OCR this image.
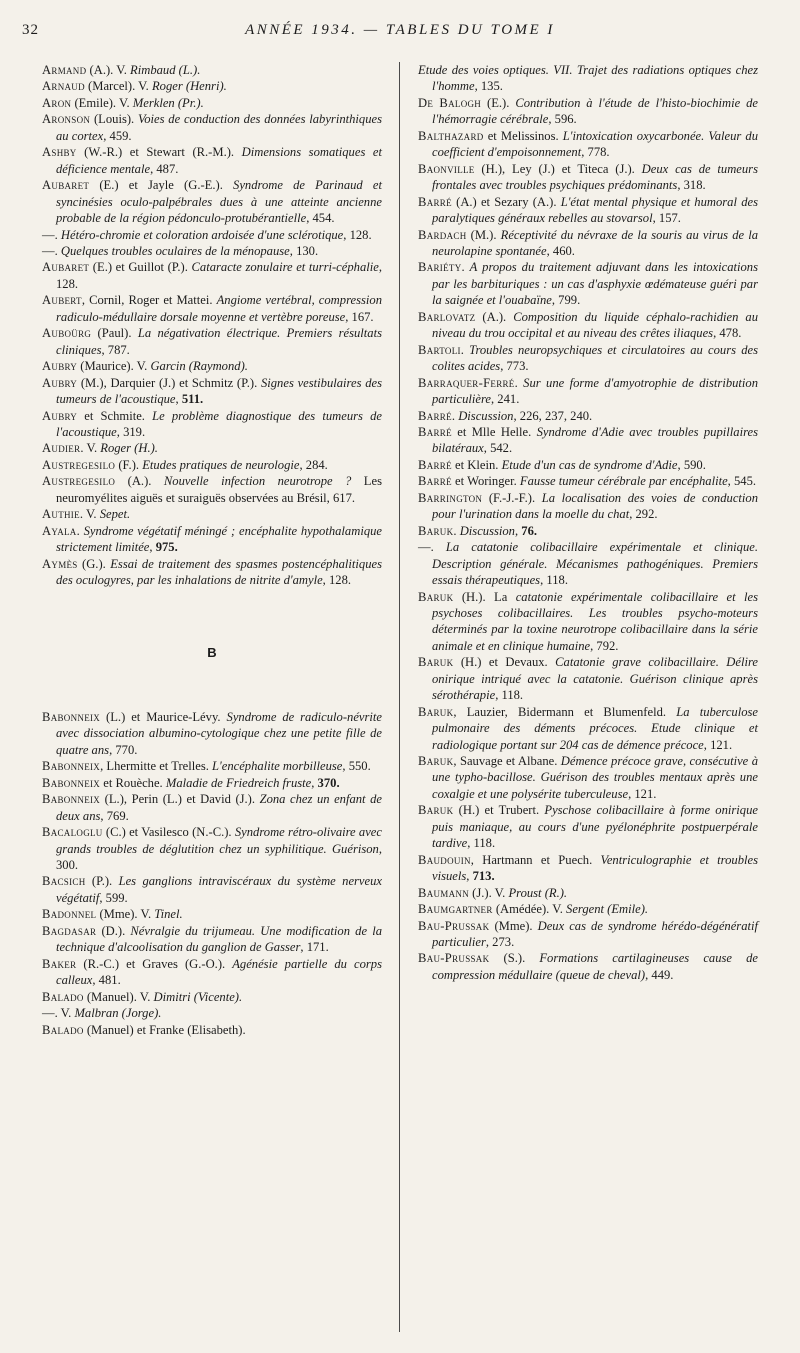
32	ANNÉE 1934. — TABLES DU TOME I

Armand (A.). V. Rimbaud (L.).

Arnaud (Marcel). V. Roger (Henri).

Aron (Emile). V. Merklen (Pr.).

Aronson (Louis). Voies de conduction des données labyrinthiques au cortex, 459.

Ashby (W.-R.) et Stewart (R.-M.). Dimensions somatiques et déficience mentale, 487.

Aubaret (E.) et Jayle (G.-E.). Syndrome de Parinaud et syncinésies oculo-palpébrales dues à une atteinte ancienne probable de la région pédonculo-protubérantielle, 454.

—. Hétéro-chromie et coloration ardoisée d'une sclérotique, 128.

—. Quelques troubles oculaires de la ménopause, 130.

Aubaret (E.) et Guillot (P.). Cataracte zonulaire et turri-céphalie, 128.

Aubert, Cornil, Roger et Mattei. Angiome vertébral, compression radiculo-médullaire dorsale moyenne et vertèbre poreuse, 167.

Auboürg (Paul). La négativation électrique. Premiers résultats cliniques, 787.

Aubry (Maurice). V. Garcin (Raymond).

Aubry (M.), Darquier (J.) et Schmitz (P.). Signes vestibulaires des tumeurs de l'acoustique, 511.

Aubry et Schmite. Le problème diagnostique des tumeurs de l'acoustique, 319.

Audier. V. Roger (H.).

Austregesilo (F.). Etudes pratiques de neurologie, 284.

Austregesilo (A.). Nouvelle infection neurotrope ? Les neuromyélites aiguës et suraiguës observées au Brésil, 617.

Authie. V. Sepet.

Ayala. Syndrome végétatif méningé ; encéphalite hypothalamique strictement limitée, 975.

Aymès (G.). Essai de traitement des spasmes postencéphalitiques des oculogyres, par les inhalations de nitrite d'amyle, 128.

B

Babonneix (L.) et Maurice-Lévy. Syndrome de radiculo-névrite avec dissociation albumino-cytologique chez une petite fille de quatre ans, 770.

Babonneix, Lhermitte et Trelles. L'encéphalite morbilleuse, 550.

Babonneix et Rouèche. Maladie de Friedreich fruste, 370.

Babonneix (L.), Perin (L.) et David (J.). Zona chez un enfant de deux ans, 769.

Bacaloglu (C.) et Vasilesco (N.-C.). Syndrome rétro-olivaire avec grands troubles de déglutition chez un syphilitique. Guérison, 300.

Bacsich (P.). Les ganglions intraviscéraux du système nerveux végétatif, 599.

Badonnel (Mme). V. Tinel.

Bagdasar (D.). Névralgie du trijumeau. Une modification de la technique d'alcoolisation du ganglion de Gasser, 171.

Baker (R.-C.) et Graves (G.-O.). Agénésie partielle du corps calleux, 481.

Balado (Manuel). V. Dimitri (Vicente).

—. V. Malbran (Jorge).

Balado (Manuel) et Franke (Elisabeth).

Etude des voies optiques. VII. Trajet des radiations optiques chez l'homme, 135.

De Balogh (E.). Contribution à l'étude de l'histo-biochimie de l'hémorragie cérébrale, 596.

Balthazard et Melissinos. L'intoxication oxycarbonée. Valeur du coefficient d'empoisonnement, 778.

Baonville (H.), Ley (J.) et Titeca (J.). Deux cas de tumeurs frontales avec troubles psychiques prédominants, 318.

Barré (A.) et Sezary (A.). L'état mental physique et humoral des paralytiques généraux rebelles au stovarsol, 157.

Bardach (M.). Réceptivité du névraxe de la souris au virus de la neurolapine spontanée, 460.

Bariéty. A propos du traitement adjuvant dans les intoxications par les barbituriques : un cas d'asphyxie œdémateuse guéri par la saignée et l'ouabaïne, 799.

Barlovatz (A.). Composition du liquide céphalo-rachidien au niveau du trou occipital et au niveau des crêtes iliaques, 478.

Bartoli. Troubles neuropsychiques et circulatoires au cours des colites acides, 773.

Barraquer-Ferré. Sur une forme d'amyotrophie de distribution particulière, 241.

Barré. Discussion, 226, 237, 240.

Barré et Mlle Helle. Syndrome d'Adie avec troubles pupillaires bilatéraux, 542.

Barré et Klein. Etude d'un cas de syndrome d'Adie, 590.

Barré et Woringer. Fausse tumeur cérébrale par encéphalite, 545.

Barrington (F.-J.-F.). La localisation des voies de conduction pour l'urination dans la moelle du chat, 292.

Baruk. Discussion, 76.

—. La catatonie colibacillaire expérimentale et clinique. Description générale. Mécanismes pathogéniques. Premiers essais thérapeutiques, 118.

Baruk (H.). La catatonie expérimentale colibacillaire et les psychoses colibacillaires. Les troubles psycho-moteurs déterminés par la toxine neurotrope colibacillaire dans la série animale et en clinique humaine, 792.

Baruk (H.) et Devaux. Catatonie grave colibacillaire. Délire onirique intriqué avec la catatonie. Guérison clinique après sérothérapie, 118.

Baruk, Lauzier, Bidermann et Blumenfeld. La tuberculose pulmonaire des déments précoces. Etude clinique et radiologique portant sur 204 cas de démence précoce, 121.

Baruk, Sauvage et Albane. Démence précoce grave, consécutive à une typho-bacillose. Guérison des troubles mentaux après une coxalgie et une polysérite tuberculeuse, 121.

Baruk (H.) et Trubert. Pyschose colibacillaire à forme onirique puis maniaque, au cours d'une pyélonéphrite postpuerpérale tardive, 118.

Baudouin, Hartmann et Puech. Ventriculographie et troubles visuels, 713.

Baumann (J.). V. Proust (R.).

Baumgartner (Amédée). V. Sergent (Emile).

Bau-Prussak (Mme). Deux cas de syndrome hérédo-dégénératif particulier, 273.

Bau-Prussak (S.). Formations cartilagineuses cause de compression médullaire (queue de cheval), 449.
